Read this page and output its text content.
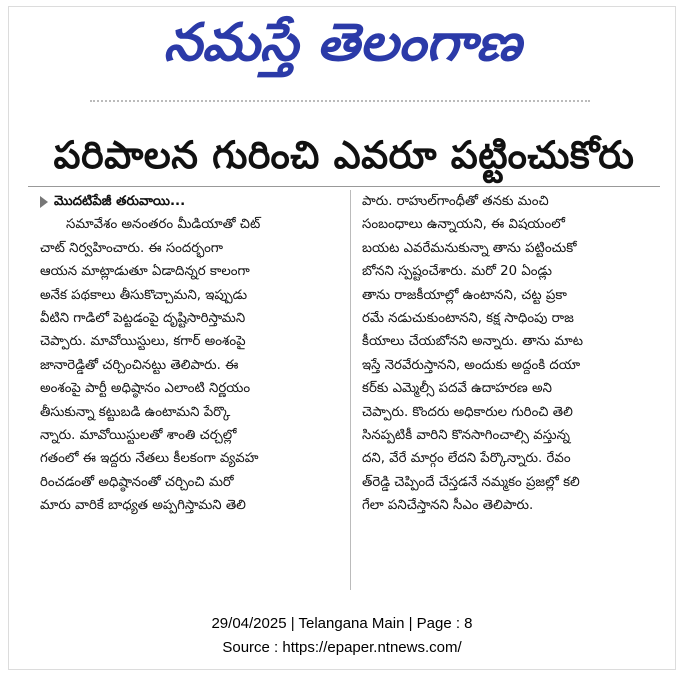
నమస్తే తెలంగాణ
పరిపాలన గురించి ఎవరూ పట్టించుకోరు
మొదటిపేజీ తరువాయి...
సమావేశం అనంతరం మీడియాతో చిట్
చాట్ నిర్వహించారు. ఈ సందర్భంగా
ఆయన మాట్లాడుతూ ఏడాదిన్నర కాలంగా
అనేక పథకాలు తీసుకొచ్చామని, ఇప్పుడు
వీటిని గాడిలో పెట్టడంపై దృష్టిసారిస్తామని
చెప్పారు. మావోయిస్టులు, కగార్ అంశంపై
జానారెడ్డితో చర్చించినట్టు తెలిపారు. ఈ
అంశంపై పార్టీ అధిష్ఠానం ఎలాంటి నిర్ణయం
తీసుకున్నా కట్టుబడి ఉంటామని పేర్కొ
న్నారు. మావోయిస్టులతో శాంతి చర్చల్లో
గతంలో ఈ ఇద్దరు నేతలు కీలకంగా వ్యవహ
రించడంతో అధిష్ఠానంతో చర్చించి మరో
మారు వారికే బాధ్యత అప్పగిస్తామని తెలి
పారు. రాహుల్‌గాంధీతో తనకు మంచి
సంబంధాలు ఉన్నాయని, ఈ విషయంలో
బయట ఎవరేమనుకున్నా తాను పట్టించుకో
బోనని స్పష్టంచేశారు. మరో 20 ఏండ్లు
తాను రాజకీయాల్లో ఉంటానని, చట్ట ప్రకా
రమే నడుచుకుంటానని, కక్ష సాధింపు రాజ
కీయాలు చేయబోనని అన్నారు. తాను మాట
ఇస్తే నెరవేరుస్తానని, అందుకు అద్దంకి దయా
కర్‌కు ఎమ్మెల్సీ పదవే ఉదాహరణ అని
చెప్పారు. కొందరు అధికారుల గురించి తెలి
సినప్పటికీ వారిని కొనసాగించాల్సి వస్తున్న
దని, వేరే మార్గం లేదని పేర్కొన్నారు. రేవం
త్‌రెడ్డి చెప్పిందే చేస్తడనే నమ్మకం ప్రజల్లో కలి
గేలా పనిచేస్తానని సీఎం తెలిపారు.
29/04/2025 | Telangana Main | Page : 8
Source : https://epaper.ntnews.com/
